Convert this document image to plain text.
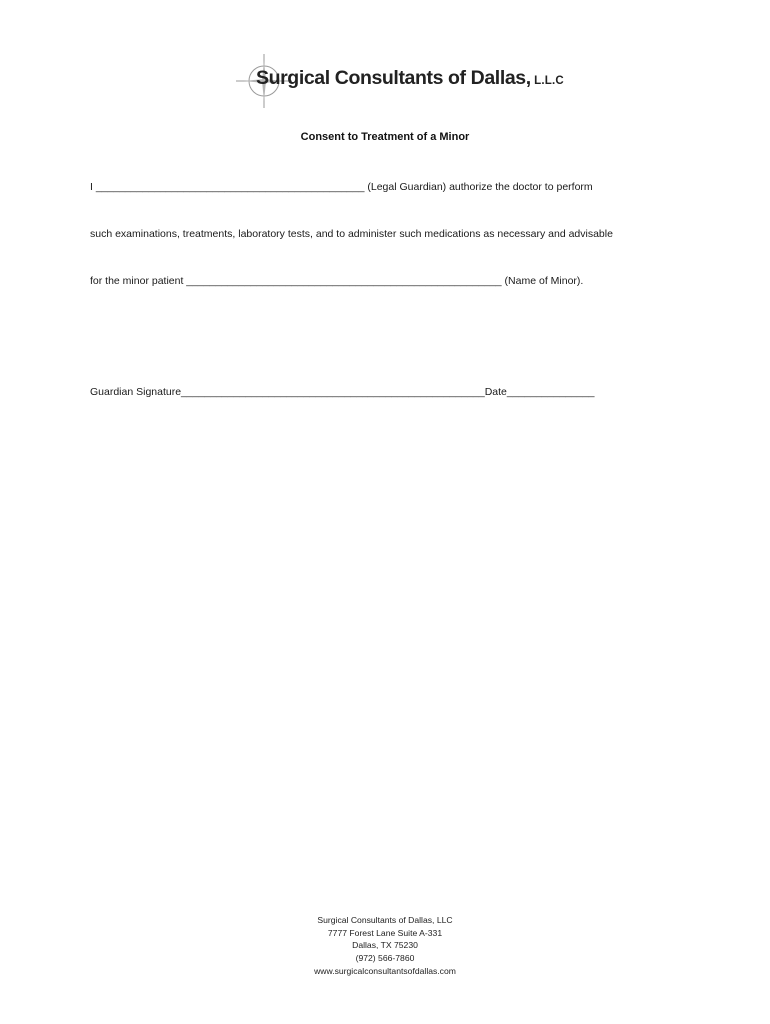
Surgical Consultants of Dallas, L.L.C
Consent to Treatment of a Minor
I ______________________________________________ (Legal Guardian) authorize the doctor to perform
such examinations, treatments, laboratory tests, and to administer such medications as necessary and advisable
for the minor patient ______________________________________________________ (Name of Minor).
Guardian Signature____________________________________________________Date_______________
Surgical Consultants of Dallas, LLC
7777 Forest Lane Suite A-331
Dallas, TX 75230
(972) 566-7860
www.surgicalconsultantsofdallas.com
